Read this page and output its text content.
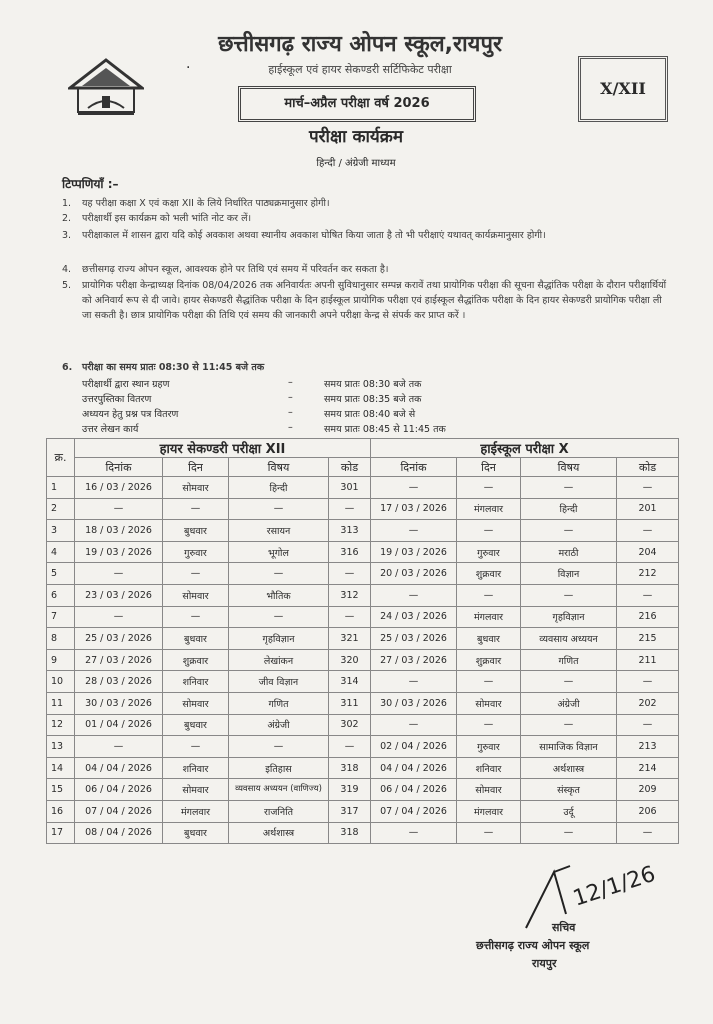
छत्तीसगढ़ राज्य ओपन स्कूल,रायपुर
·	हाईस्कूल एवं हायर सेकण्डरी सर्टिफिकेट परीक्षा
मार्च–अप्रैल परीक्षा वर्ष 2026
X/XII
परीक्षा कार्यक्रम
हिन्दी / अंग्रेजी माध्यम
टिप्पणियाँ :–
1.	यह परीक्षा कक्षा X एवं कक्षा XII के लिये निर्धारित पाठ्यक्रमानुसार होगी।
2.	परीक्षार्थी इस कार्यक्रम को भली भांति नोट कर लें।
3.	परीक्षाकाल में शासन द्वारा यदि कोई अवकाश अथवा स्थानीय अवकाश घोषित किया जाता है तो भी परीक्षाएं यथावत् कार्यक्रमानुसार होगी।
4.	छत्तीसगढ़ राज्य ओपन स्कूल, आवश्यक होने पर तिथि एवं समय में परिवर्तन कर सकता है।
5.	प्रायोगिक परीक्षा केन्द्राध्यक्ष दिनांक 08/04/2026 तक अनिवार्यतः अपनी सुविधानुसार सम्पन्न करावें तथा प्रायोगिक परीक्षा की सूचना सैद्धांतिक परीक्षा के दौरान परीक्षार्थियों को अनिवार्य रूप से दी जावे। हायर सेकण्डरी सैद्धांतिक परीक्षा के दिन हाईस्कूल प्रायोगिक परीक्षा एवं हाईस्कूल सैद्धांतिक परीक्षा के दिन हायर सेकण्डरी प्रायोगिक परीक्षा ली जा सकती है। छात्र प्रायोगिक परीक्षा की तिथि एवं समय की जानकारी अपने परीक्षा केन्द्र से संपर्क कर प्राप्त करें ।
6.	परीक्षा का समय प्रातः 08:30 से 11:45 बजे तक
परीक्षार्थी द्वारा स्थान ग्रहण	–	समय प्रातः 08:30 बजे तक
उत्तरपुस्तिका वितरण	–	समय प्रातः 08:35 बजे तक
अध्ययन हेतु प्रश्न पत्र वितरण	–	समय प्रातः 08:40 बजे से
उत्तर लेखन कार्य	–	समय प्रातः 08:45 से 11:45 तक
क्र.	हायर सेकण्डरी परीक्षा XII				हाईस्कूल परीक्षा X			
	दिनांक	दिन	विषय	कोड	दिनांक	दिन	विषय	कोड
1	16 / 03 / 2026	सोमवार	हिन्दी	301	—	—	—	—
2	—	—	—	—	17 / 03 / 2026	मंगलवार	हिन्दी	201
3	18 / 03 / 2026	बुधवार	रसायन	313	—	—	—	—
4	19 / 03 / 2026	गुरुवार	भूगोल	316	19 / 03 / 2026	गुरुवार	मराठी	204
5	—	—	—	—	20 / 03 / 2026	शुक्रवार	विज्ञान	212
6	23 / 03 / 2026	सोमवार	भौतिक	312	—	—	—	—
7	—	—	—	—	24 / 03 / 2026	मंगलवार	गृहविज्ञान	216
8	25 / 03 / 2026	बुधवार	गृहविज्ञान	321	25 / 03 / 2026	बुधवार	व्यवसाय अध्ययन	215
9	27 / 03 / 2026	शुक्रवार	लेखांकन	320	27 / 03 / 2026	शुक्रवार	गणित	211
10	28 / 03 / 2026	शनिवार	जीव विज्ञान	314	—	—	—	—
11	30 / 03 / 2026	सोमवार	गणित	311	30 / 03 / 2026	सोमवार	अंग्रेजी	202
12	01 / 04 / 2026	बुधवार	अंग्रेजी	302	—	—	—	—
13	—	—	—	—	02 / 04 / 2026	गुरुवार	सामाजिक विज्ञान	213
14	04 / 04 / 2026	शनिवार	इतिहास	318	04 / 04 / 2026	शनिवार	अर्थशास्त्र	214
15	06 / 04 / 2026	सोमवार	व्यवसाय अध्ययन (वाणिज्य)	319	06 / 04 / 2026	सोमवार	संस्कृत	209
16	07 / 04 / 2026	मंगलवार	राजनिति	317	07 / 04 / 2026	मंगलवार	उर्दू	206
17	08 / 04 / 2026	बुधवार	अर्थशास्त्र	318	—	—	—	—
12/1/26
सचिव
छत्तीसगढ़ राज्य ओपन स्कूल
रायपुर
